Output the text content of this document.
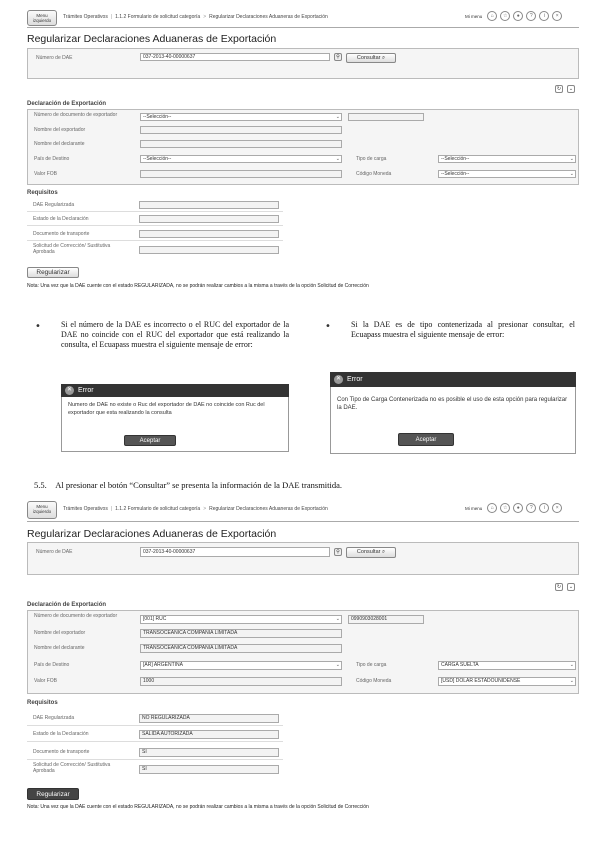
Menu izquierdo
Trámites Operativos | 1.1.2 Formulario de solicitud categoría > Regularizar Declaraciones Aduaneras de Exportación	Mi menu	⌂	☆	●	?	i	×
Regularizar Declaraciones Aduaneras de Exportación
Número de DAE	037-2013-40-00000637	⚲	Consultar ⌕
↻	⌄
Declaración de Exportación
Número de documento de exportador	--Selección--	⌄
Nombre del exportador
Nombre del declarante
País de Destino	--Selección--	⌄	Tipo de carga	--Selección--	⌄
Valor FOB	Código Moneda	--Selección--	⌄
Requisitos
DAE Regularizada
Estado de la Declaración
Documento de transporte
Solicitud de Corrección/ Sustitutiva Aprobada
Regularizar
Nota: Una vez que la DAE cuente con el estado REGULARIZADA, no se podrán realizar cambios a la misma a través de la opción Solicitud de Corrección
•	Si el número de la DAE es incorrecto o el RUC del exportador de la DAE no coincide con el RUC del exportador que está realizando la consulta, el Ecuapass muestra el siguiente mensaje de error:
•	Si la DAE es de tipo contenerizada al presionar consultar, el Ecuapass muestra el siguiente mensaje de error:
✕ Error
Numero de DAE no existe o Ruc del exportador de DAE no coincide con Ruc del exportador que esta realizando la consulta
Aceptar
✕ Error
Con Tipo de Carga Contenerizada no es posible el uso de esta opción para regularizar la DAE.
Aceptar
5.5. Al presionar el botón “Consultar” se presenta la información de la DAE transmitida.
Menu izquierdo	Trámites Operativos | 1.1.2 Formulario de solicitud categoría > Regularizar Declaraciones Aduaneras de Exportación	Mi menu	⌂	☆	●	?	i	×
Regularizar Declaraciones Aduaneras de Exportación
Número de DAE	037-2013-40-00000637	⚲	Consultar ⌕
↻	⌄
Declaración de Exportación
Número de documento de exportador	[001] RUC	⌄	0990903028001
Nombre del exportador	TRANSOCEANICA COMPAÑIA LIMITADA
Nombre del declarante	TRANSOCEANICA COMPAÑIA LIMITADA
País de Destino	[AR] ARGENTINA	⌄	Tipo de carga	CARGA SUELTA	⌄
Valor FOB	1000	Código Moneda	[USD] DOLAR ESTADOUNIDENSE	⌄
Requisitos
DAE Regularizada	NO REGULARIZADA
Estado de la Declaración	SALIDA AUTORIZADA
Documento de transporte	SI
Solicitud de Corrección/ Sustitutiva Aprobada	SI
Regularizar
Nota: Una vez que la DAE cuente con el estado REGULARIZADA, no se podrán realizar cambios a la misma a través de la opción Solicitud de Corrección
